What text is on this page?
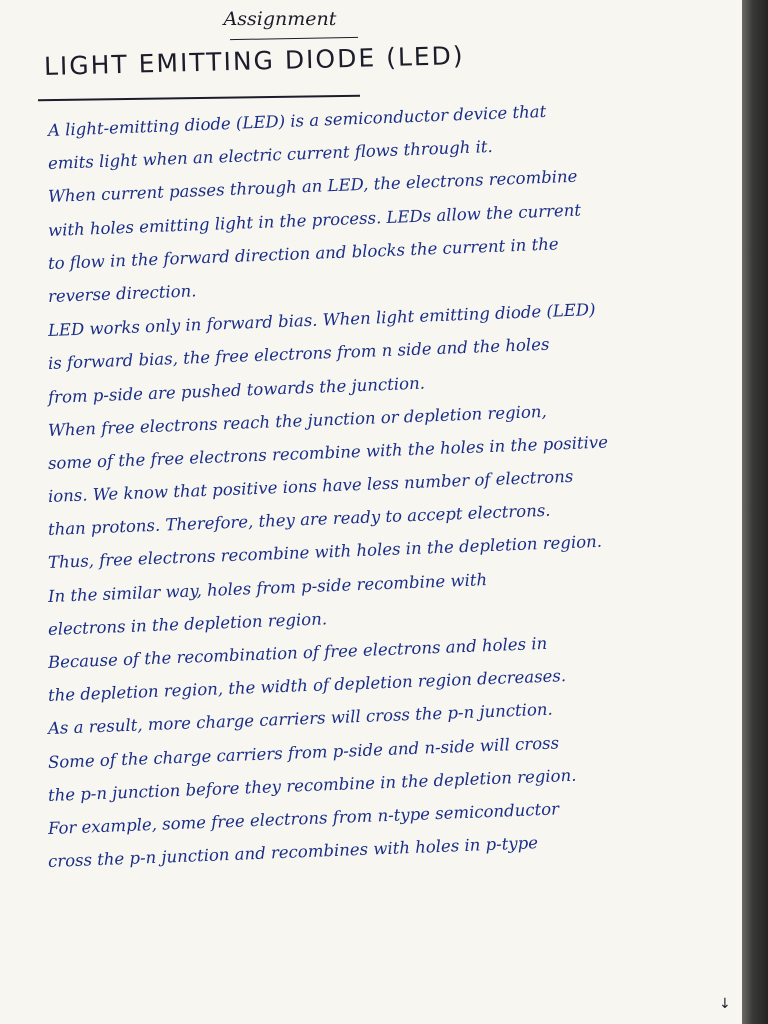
Assignment
LIGHT EMITTING DIODE (LED)
A light-emitting diode (LED) is a semiconductor device that
emits light when an electric current flows through it.
When current passes through an LED, the electrons recombine
with holes emitting light in the process. LEDs allow the current
to flow in the forward direction and blocks the current in the
reverse direction.
LED works only in forward bias. When light emitting diode (LED)
is forward bias, the free electrons from n side and the holes
from p-side are pushed towards the junction.
When free electrons reach the junction or depletion region,
some of the free electrons recombine with the holes in the positive
ions. We know that positive ions have less number of electrons
than protons. Therefore, they are ready to accept electrons.
Thus, free electrons recombine with holes in the depletion region.
In the similar way, holes from p-side recombine with
electrons in the depletion region.
Because of the recombination of free electrons and holes in
the depletion region, the width of depletion region decreases.
As a result, more charge carriers will cross the p-n junction.
Some of the charge carriers from p-side and n-side will cross
the p-n junction before they recombine in the depletion region.
For example, some free electrons from n-type semiconductor
cross the p-n junction and recombines with holes in p-type
↓
